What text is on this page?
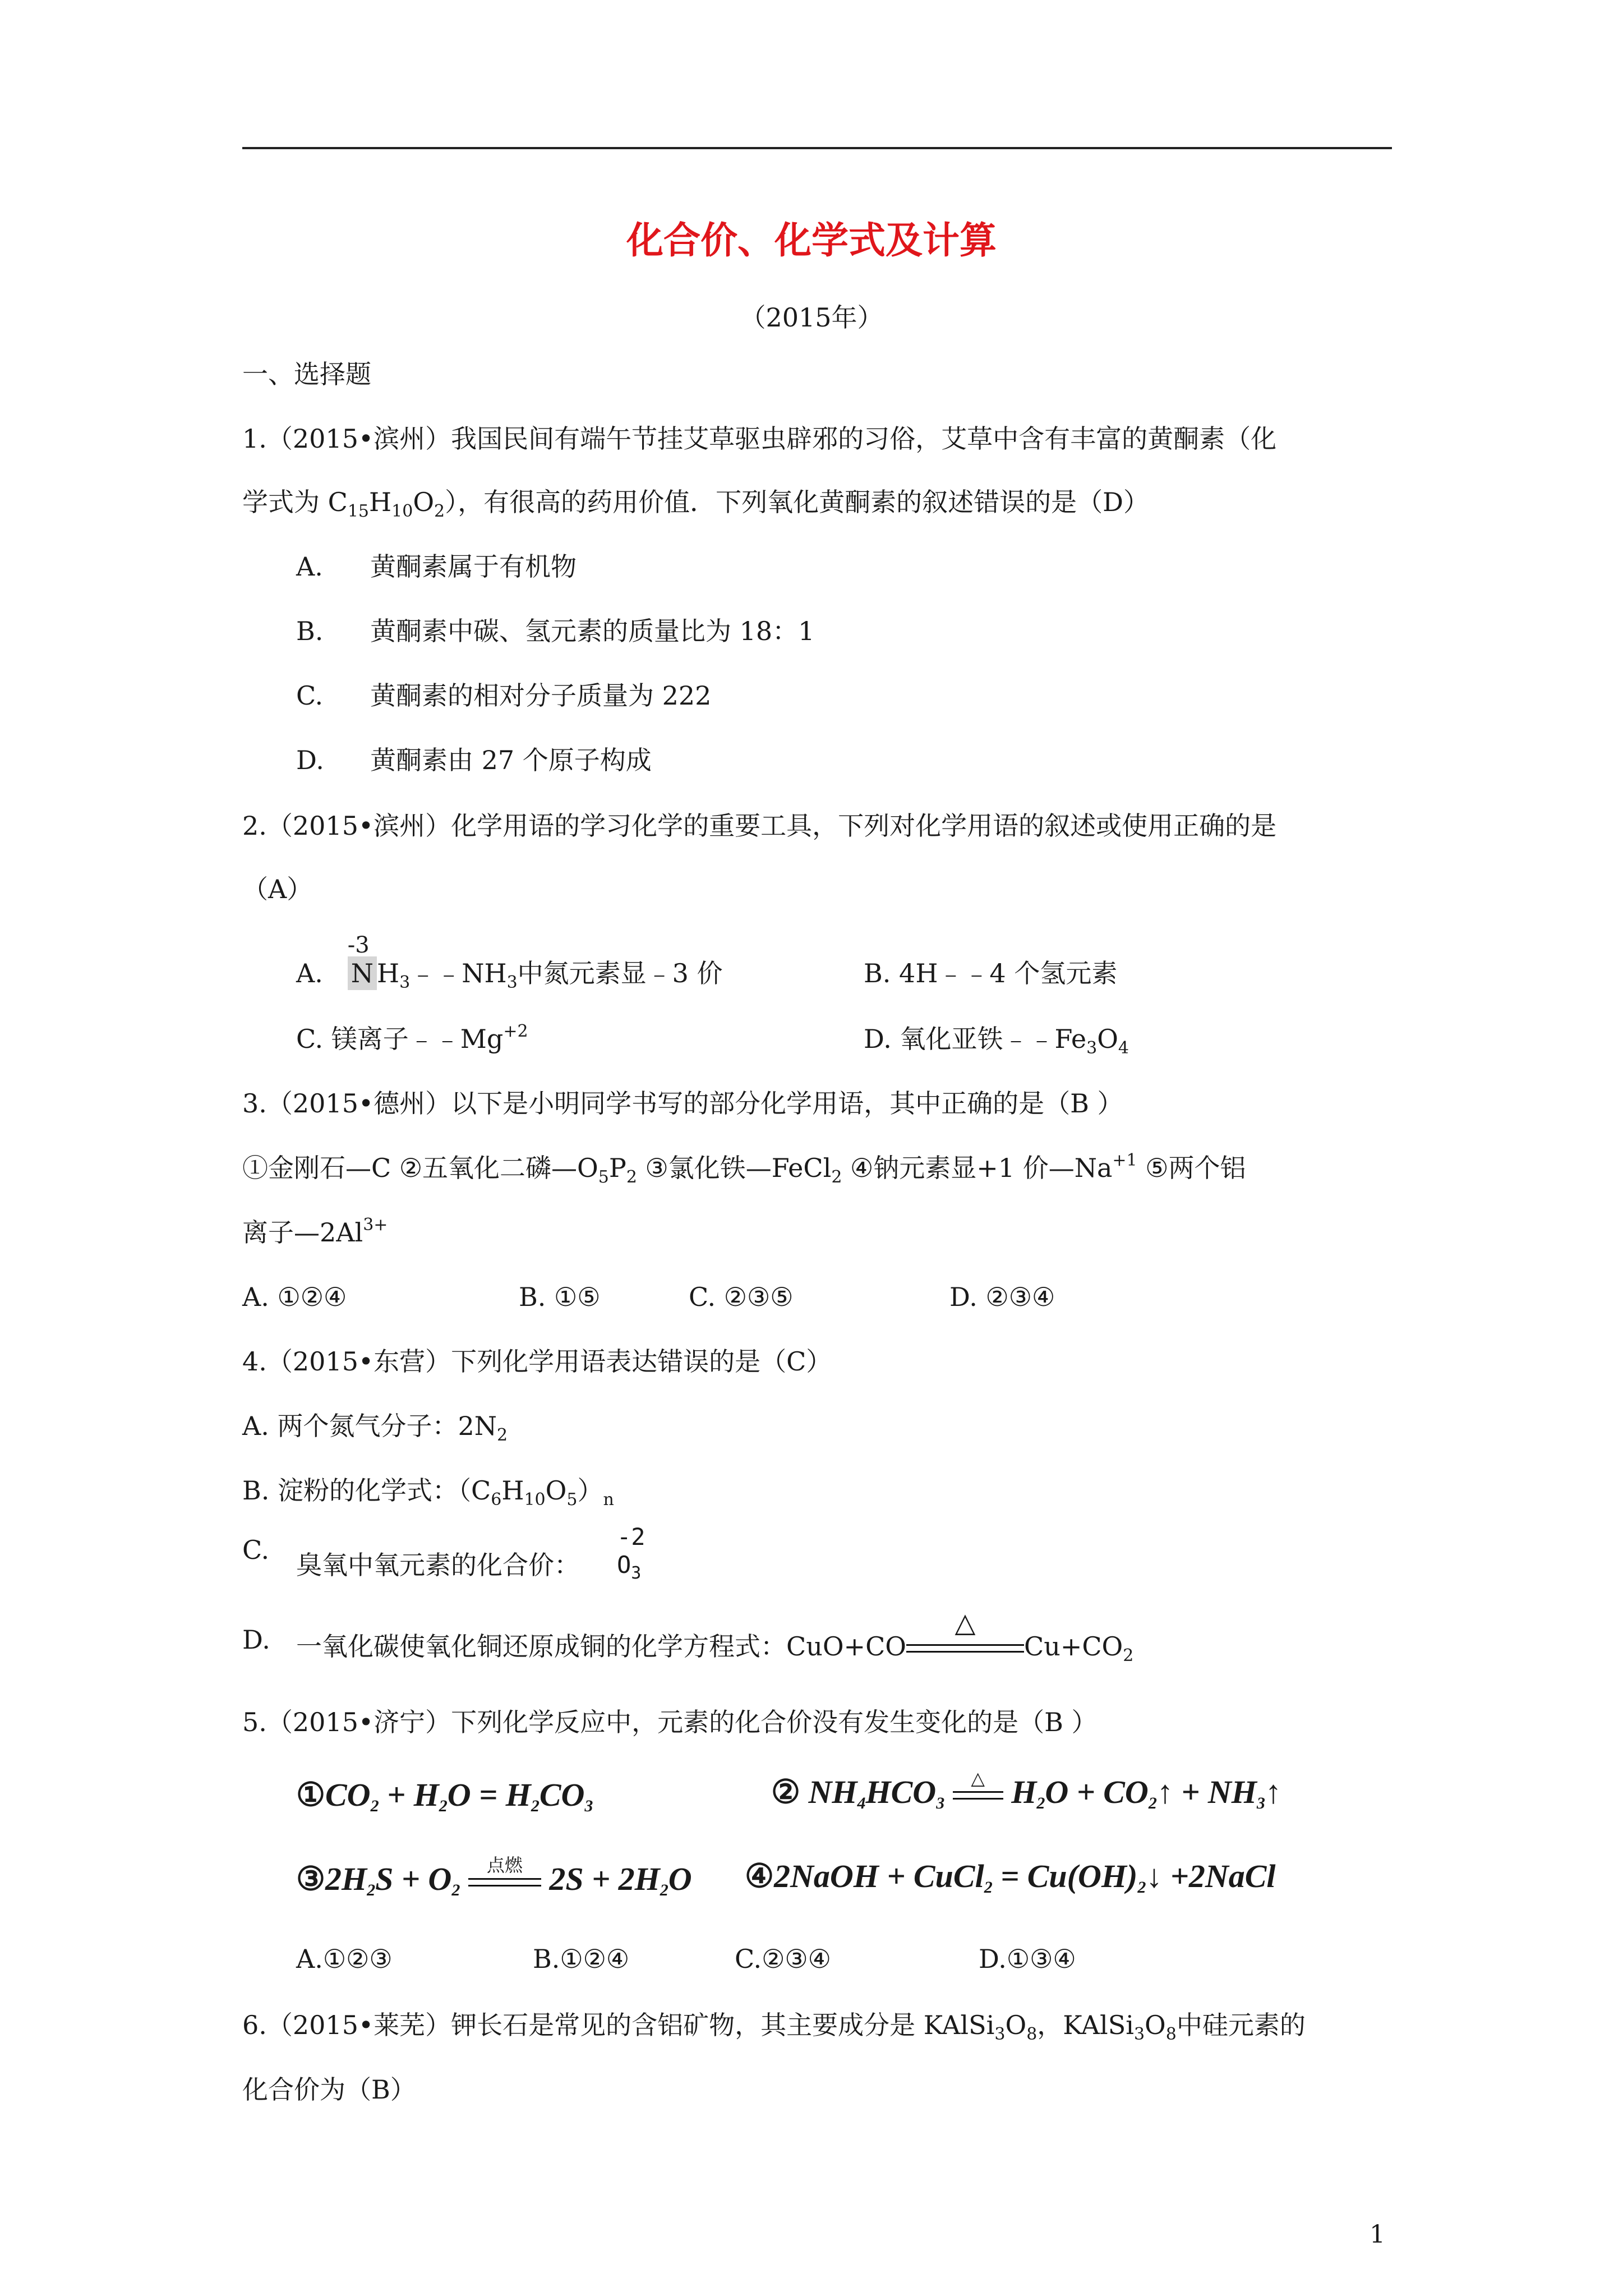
化合价、化学式及计算
（2015年）
一、选择题
1.（2015•滨州）我国民间有端午节挂艾草驱虫辟邪的习俗，艾草中含有丰富的黄酮素（化
学式为 $C_{15}H_{10}O_2$），有很高的药用价值．下列氧化黄酮素的叙述错误的是（D）
A. 黄酮素属于有机物
B. 黄酮素中碳、氢元素的质量比为 18：1
C. 黄酮素的相对分子质量为 222
D. 黄酮素由 27 个原子构成
2.（2015•滨州）化学用语的学习化学的重要工具，下列对化学用语的叙述或使用正确的是
（A）
A.
-3
N $H_3﹣﹣NH_3$中氮元素显﹣3 价	B. 4H﹣﹣4 个氢元素
C. 镁离子$﹣﹣Mg^{+2}$	D. 氧化亚铁$﹣﹣Fe_3O_4$
3.（2015•德州）以下是小明同学书写的部分化学用语，其中正确的是（B ）
①金刚石—C ②五氧化二磷$—O_5P_2$ ③氯化铁—FeCl$_2$ ④钠元素显+1 价$—Na^{+1}$ ⑤两个铝
离子$—2Al^{3+}$
A. ①②④	B. ①⑤	C. ②③⑤	D. ②③④
4.（2015•东营）下列化学用语表达错误的是（C）
A. 两个氮气分子：$2N_2$
B. 淀粉的化学式：$(C_6H_{10}O_5)_n$
C. 臭氧中氧元素的化合价：
-2
$O_3$
D. 一氧化碳使氧化铜还原成铜的化学方程式：CuO+CO
△
$Cu+CO_2$
5.（2015•济宁）下列化学反应中，元素的化合价没有发生变化的是（B ）
$①CO_2 + H_2O = H_2CO_3$	② $NH_4HCO_3$
△ $H_2O$ + $CO_2↑$ + $NH_3↑$
$③2H_2S + O_2$
点燃 $2S + 2H_2O$ ④2NaOH + CuCl$_2$ = $Cu(OH)_2↓$ +2NaCl
A.①②③	B.①②④	C.②③④	D.①③④
6.（2015•莱芜）钾长石是常见的含铝矿物，其主要成分是 $KAlSi_3O_8$，$KAlSi_3O_8$中硅元素的
化合价为（B）
1
